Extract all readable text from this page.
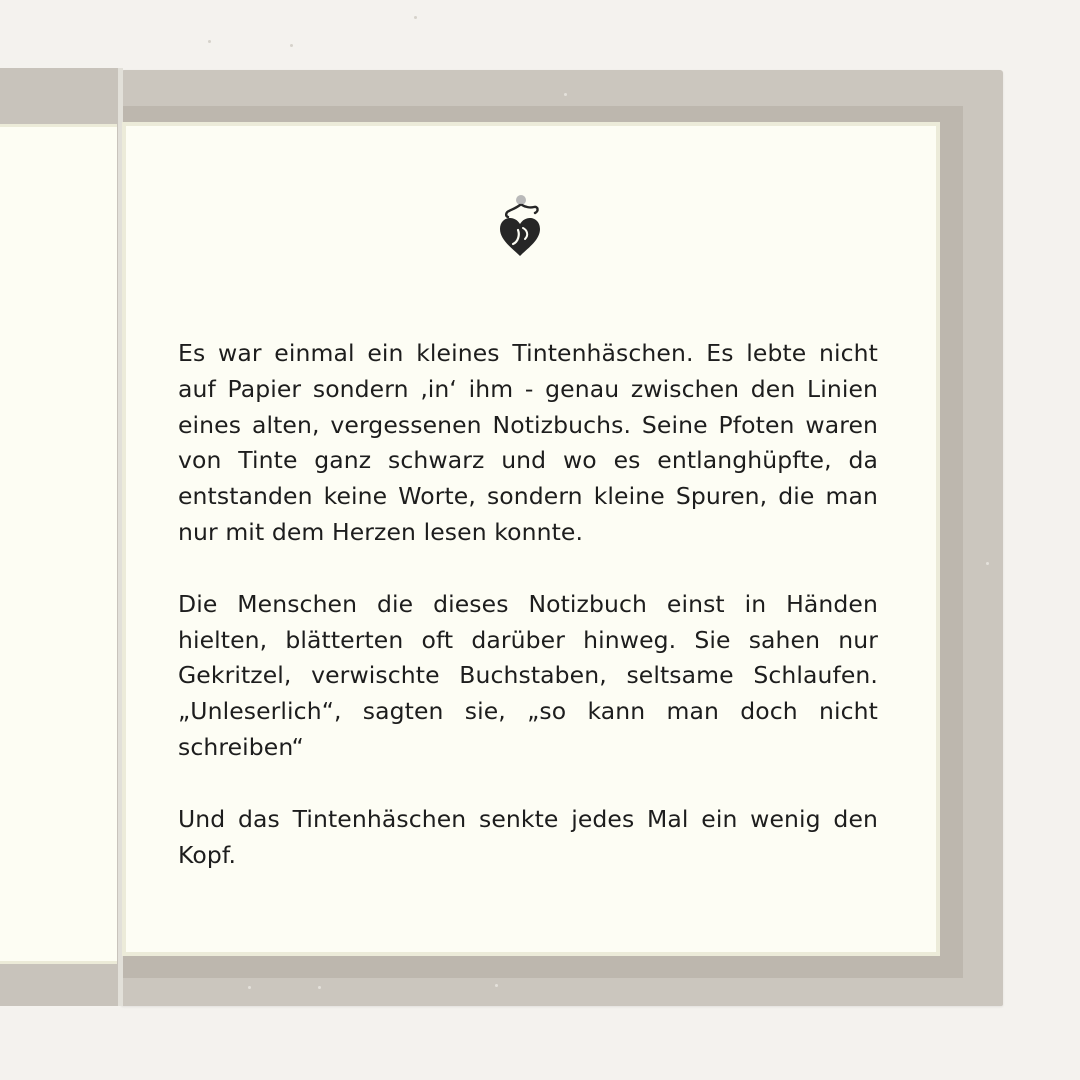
Es war einmal ein kleines Tintenhäschen. Es lebte nicht auf Papier sondern ‚in‘ ihm - genau zwischen den Linien eines alten, vergessenen Notizbuchs. Seine Pfoten waren von Tinte ganz schwarz und wo es entlanghüpfte, da entstanden keine Worte, sondern kleine Spuren, die man nur mit dem Herzen lesen konnte.

Die Menschen die dieses Notizbuch einst in Händen hielten, blätterten oft darüber hinweg. Sie sahen nur Gekritzel, verwischte Buchstaben, seltsame Schlaufen.„Unleserlich“, sagten sie, „so kann man doch nicht schreiben“

Und das Tintenhäschen senkte jedes Mal ein wenig den Kopf.
